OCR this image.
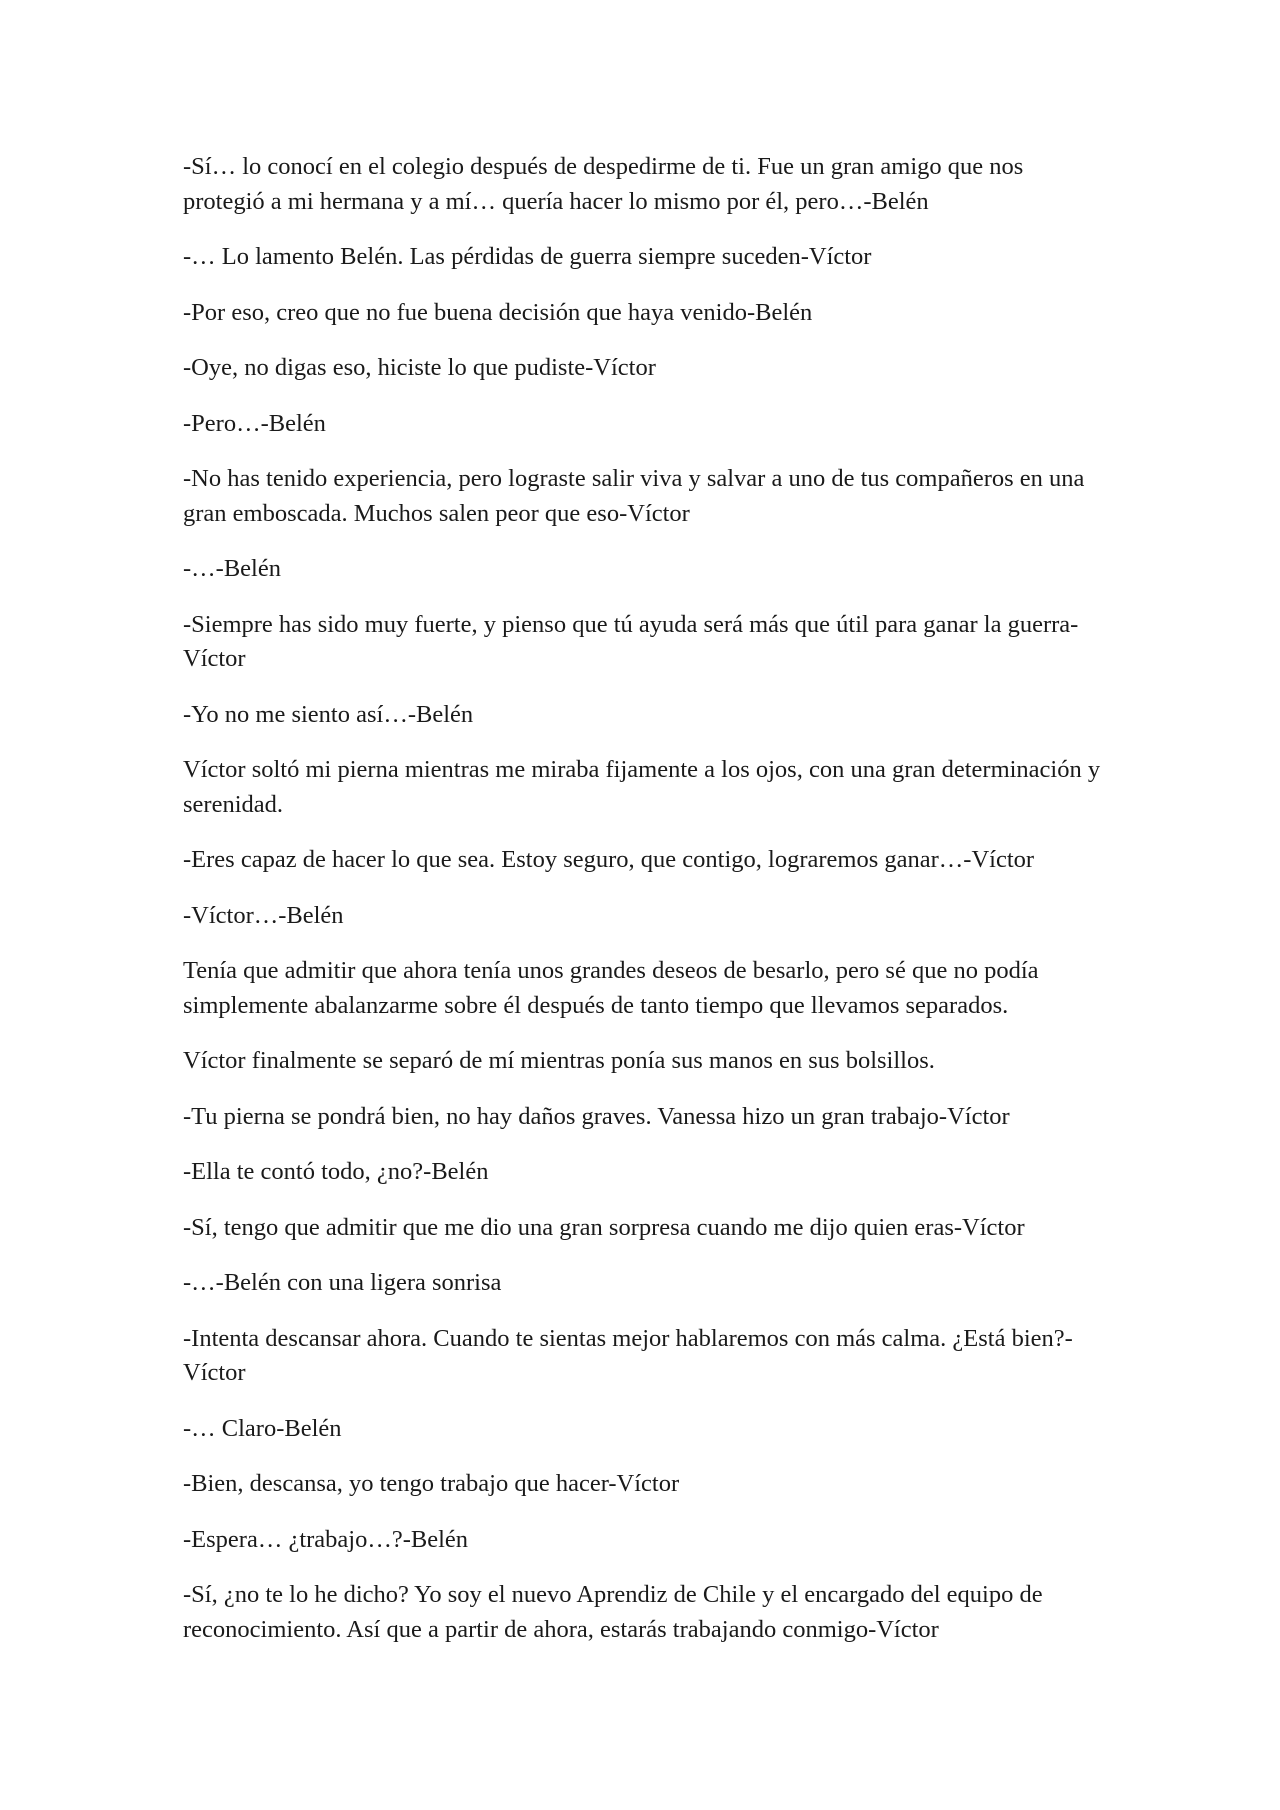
-Sí… lo conocí en el colegio después de despedirme de ti. Fue un gran amigo que nos protegió a mi hermana y a mí… quería hacer lo mismo por él, pero…-Belén

-… Lo lamento Belén. Las pérdidas de guerra siempre suceden-Víctor

-Por eso, creo que no fue buena decisión que haya venido-Belén

-Oye, no digas eso, hiciste lo que pudiste-Víctor

-Pero…-Belén

-No has tenido experiencia, pero lograste salir viva y salvar a uno de tus compañeros en una gran emboscada. Muchos salen peor que eso-Víctor

-…-Belén

-Siempre has sido muy fuerte, y pienso que tú ayuda será más que útil para ganar la guerra-Víctor

-Yo no me siento así…-Belén

Víctor soltó mi pierna mientras me miraba fijamente a los ojos, con una gran determinación y serenidad.

-Eres capaz de hacer lo que sea. Estoy seguro, que contigo, lograremos ganar…-Víctor

-Víctor…-Belén

Tenía que admitir que ahora tenía unos grandes deseos de besarlo, pero sé que no podía simplemente abalanzarme sobre él después de tanto tiempo que llevamos separados.

Víctor finalmente se separó de mí mientras ponía sus manos en sus bolsillos.

-Tu pierna se pondrá bien, no hay daños graves. Vanessa hizo un gran trabajo-Víctor

-Ella te contó todo, ¿no?-Belén

-Sí, tengo que admitir que me dio una gran sorpresa cuando me dijo quien eras-Víctor

-…-Belén con una ligera sonrisa

-Intenta descansar ahora. Cuando te sientas mejor hablaremos con más calma. ¿Está bien?-Víctor

-… Claro-Belén

-Bien, descansa, yo tengo trabajo que hacer-Víctor

-Espera… ¿trabajo…?-Belén

-Sí, ¿no te lo he dicho? Yo soy el nuevo Aprendiz de Chile y el encargado del equipo de reconocimiento. Así que a partir de ahora, estarás trabajando conmigo-Víctor
